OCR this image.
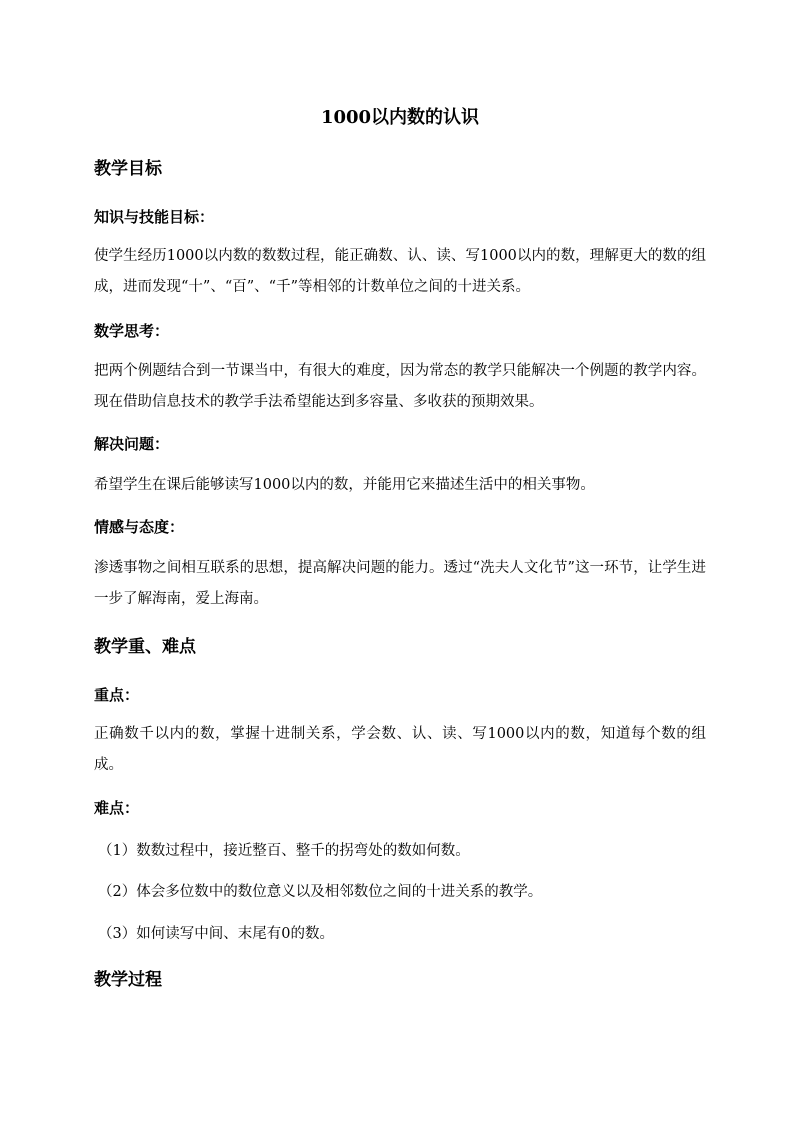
1000以内数的认识
教学目标
知识与技能目标：

使学生经历1000以内数的数数过程，能正确数、认、读、写1000以内的数，理解更大的数的组成，进而发现“十”、“百”、“千”等相邻的计数单位之间的十进关系。

数学思考：

把两个例题结合到一节课当中，有很大的难度，因为常态的教学只能解决一个例题的教学内容。现在借助信息技术的教学手法希望能达到多容量、多收获的预期效果。

解决问题：

希望学生在课后能够读写1000以内的数，并能用它来描述生活中的相关事物。

情感与态度：

渗透事物之间相互联系的思想，提高解决问题的能力。透过“冼夫人文化节”这一环节，让学生进一步了解海南，爱上海南。

教学重、难点
重点：

正确数千以内的数，掌握十进制关系，学会数、认、读、写1000以内的数，知道每个数的组成。

难点：

（1）数数过程中，接近整百、整千的拐弯处的数如何数。

（2）体会多位数中的数位意义以及相邻数位之间的十进关系的教学。

（3）如何读写中间、末尾有0的数。

教学过程
